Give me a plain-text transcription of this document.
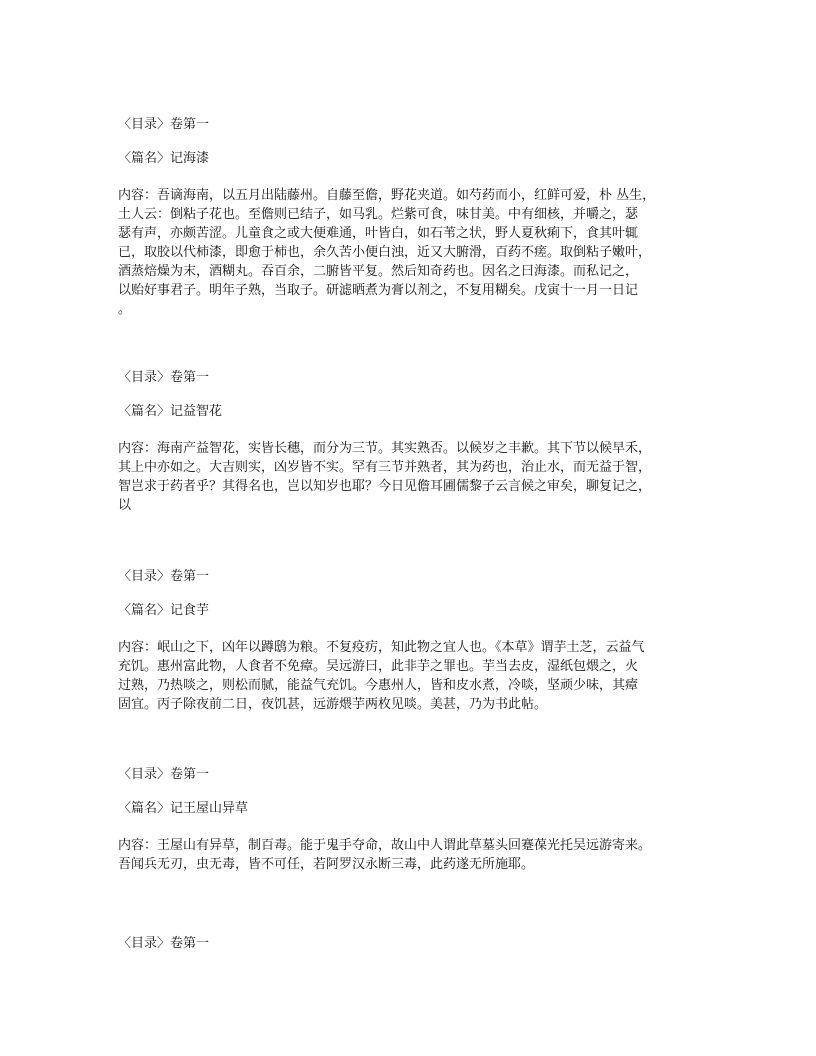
〈目录〉卷第一
〈篇名〉记海漆
内容：吾谪海南，以五月出陆藤州。自藤至儋，野花夹道。如芍药而小，红鲜可爱，朴 丛生，
土人云：倒粘子花也。至儋则已结子，如马乳。烂紫可食，味甘美。中有细核，并嚼之，瑟
瑟有声，亦颇苦涩。儿童食之或大便难通，叶皆白，如石苇之状，野人夏秋痢下，食其叶辄
已，取胶以代柿漆，即愈于柿也，余久苦小便白浊，近又大腑滑，百药不瘥。取倒粘子嫩叶，
酒蒸焙燥为末，酒糊丸。吞百余，二腑皆平复。然后知奇药也。因名之曰海漆。而私记之，
以贻好事君子。明年子熟，当取子。研滤晒煮为膏以剂之，不复用糊矣。戊寅十一月一日记
。
〈目录〉卷第一
〈篇名〉记益智花
内容：海南产益智花，实皆长穗，而分为三节。其实熟否。以候岁之丰歉。其下节以候早禾，
其上中亦如之。大吉则实，凶岁皆不实。罕有三节并熟者，其为药也，治止水，而无益于智，
智岂求于药者乎？其得名也，岂以知岁也耶？今日见儋耳圃儒黎子云言候之审矣，聊复记之，
以
〈目录〉卷第一
〈篇名〉记食芋
内容：岷山之下，凶年以蹲鸱为粮。不复疫疠，知此物之宜人也。《本草》谓芋土芝，云益气
充饥。惠州富此物，人食者不免瘴。吴远游曰，此非芋之罪也。芋当去皮，湿纸包煨之，火
过熟，乃热啖之，则松而腻，能益气充饥。今惠州人，皆和皮水煮，冷啖，坚顽少味，其瘴
固宜。丙子除夜前二日，夜饥甚，远游煨芋两枚见啖。美甚，乃为书此帖。
〈目录〉卷第一
〈篇名〉记王屋山异草
内容：王屋山有异草，制百毒。能于鬼手夺命，故山中人谓此草墓头回蹇葆光托吴远游寄来。
吾闻兵无刃，虫无毒，皆不可任，若阿罗汉永断三毒，此药遂无所施耶。
〈目录〉卷第一
